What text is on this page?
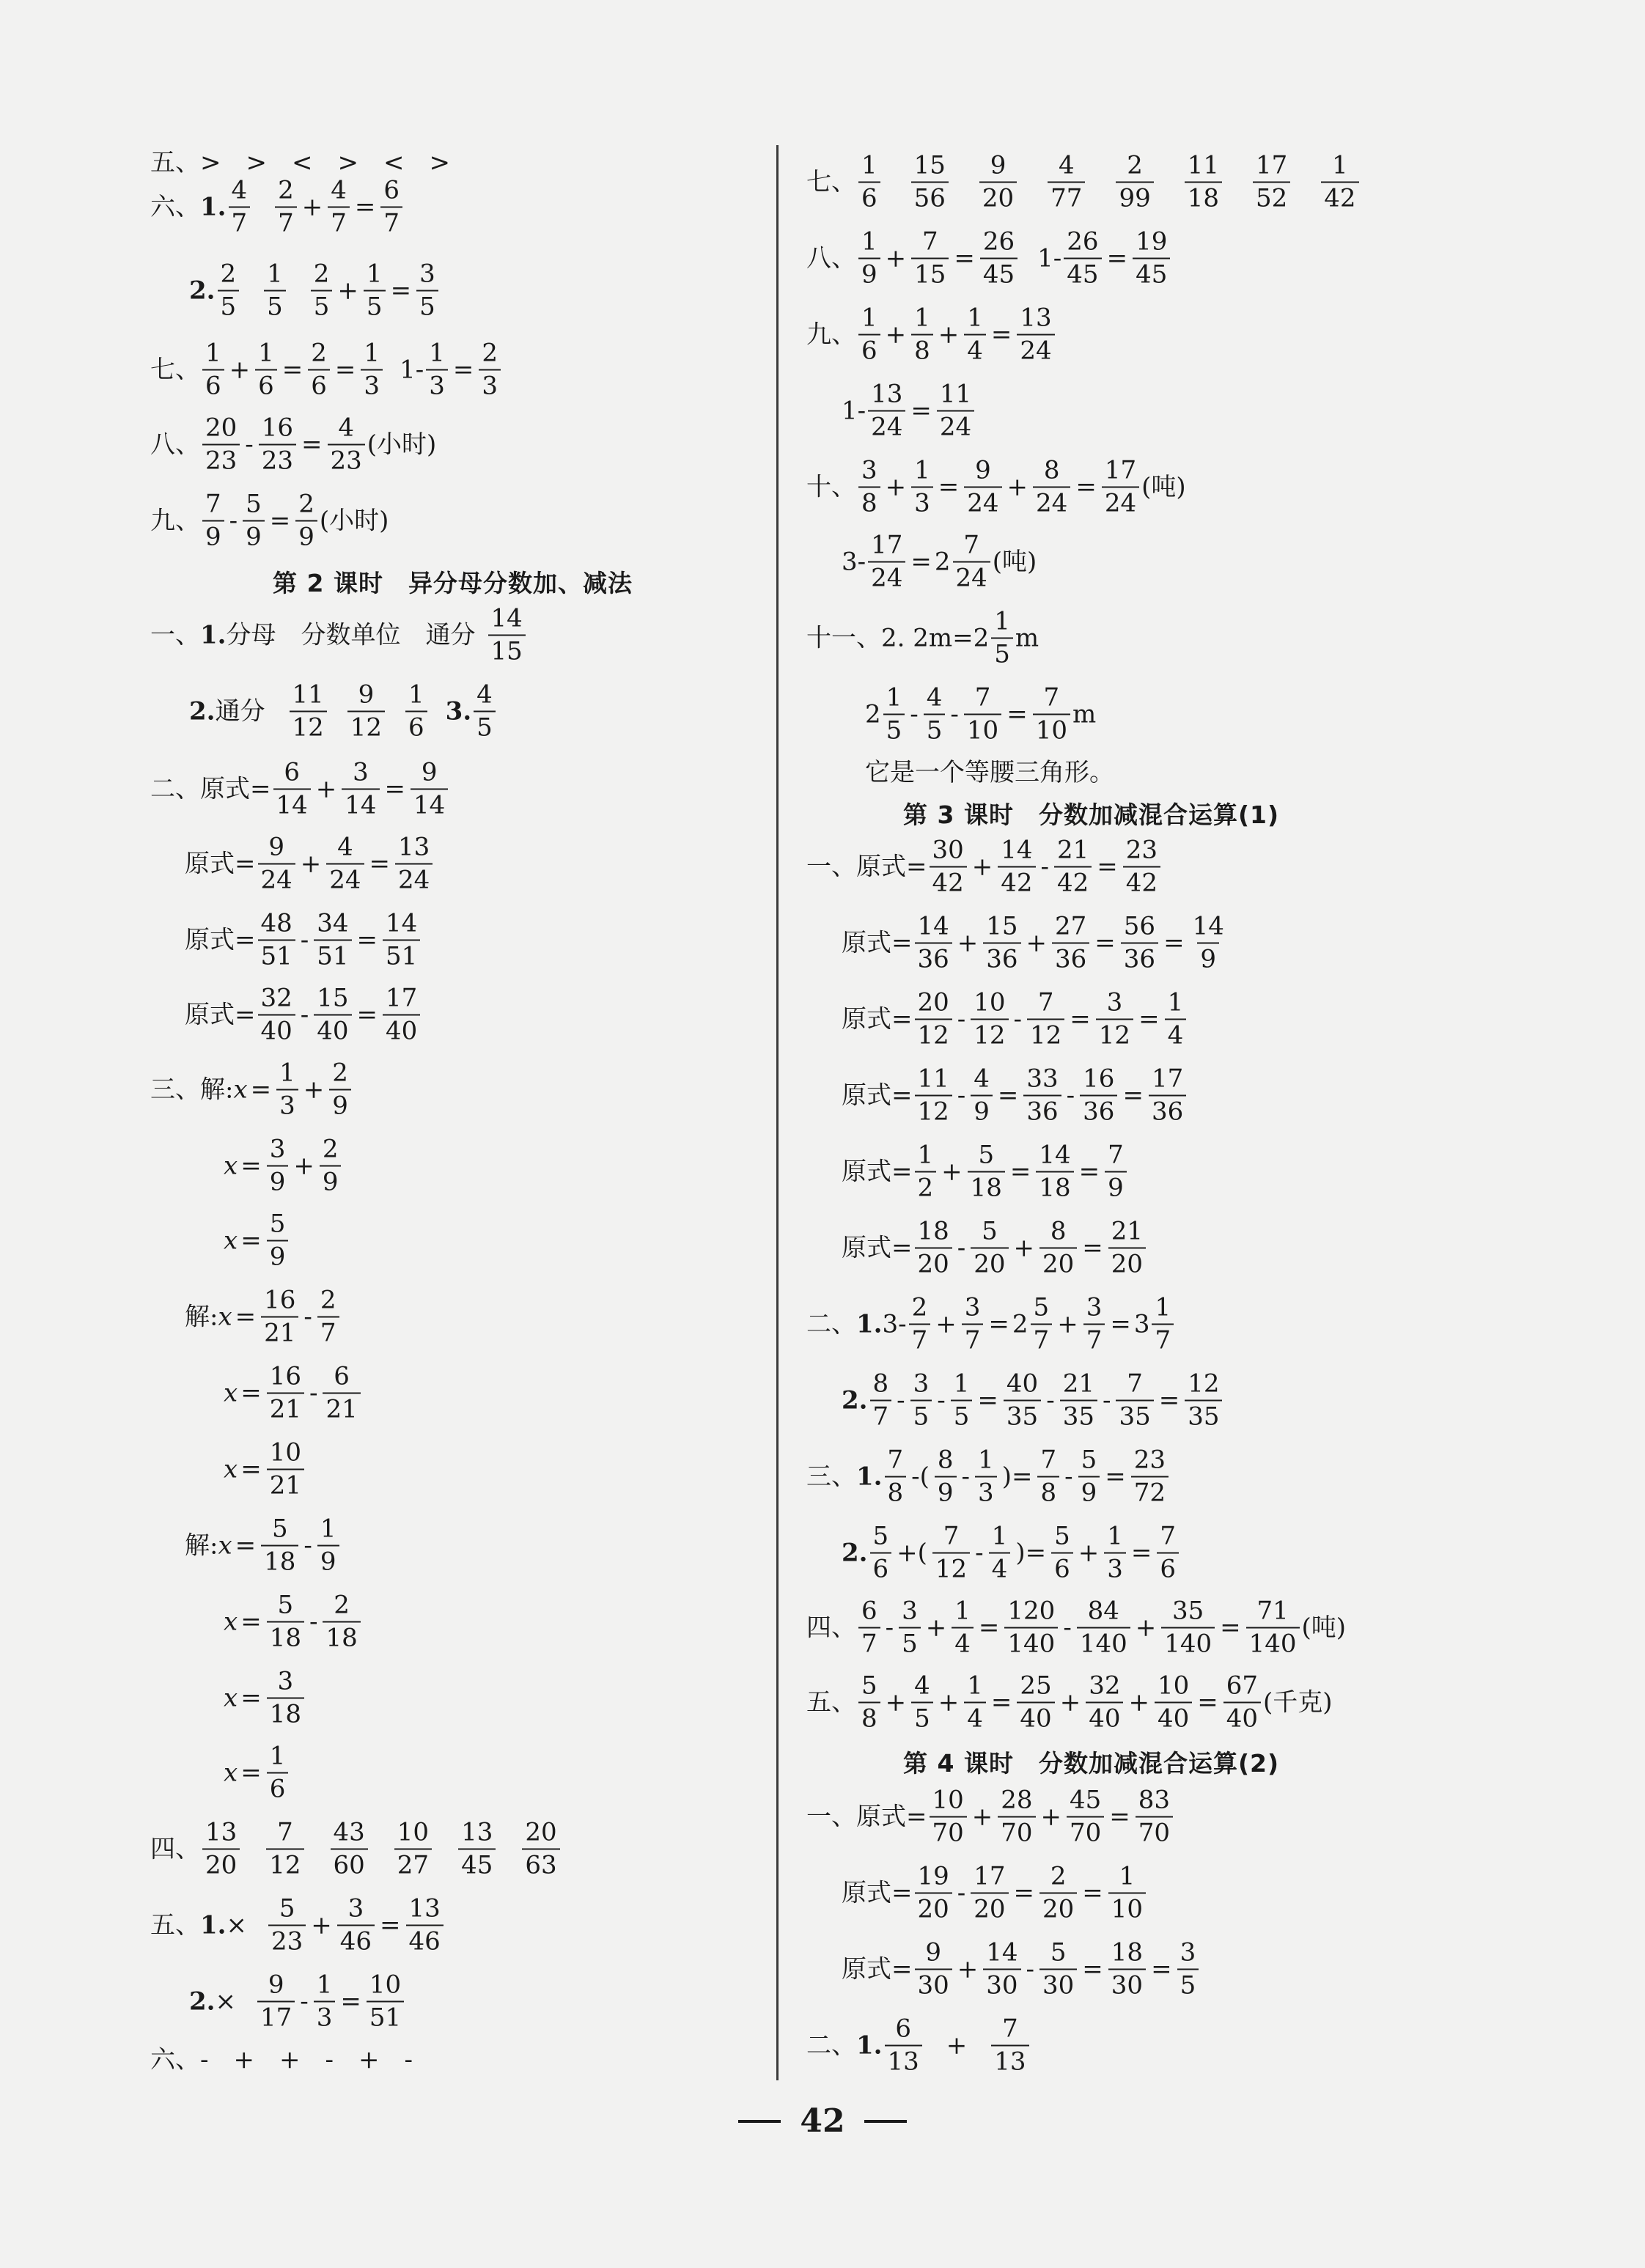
第 2 课时　异分母分数加、减法
第 3 课时　分数加减混合运算(1)
第 4 课时　分数加减混合运算(2)
五、>　>　<　>　<　>
六、 1. $\frac{4}{7} \frac{2}{7} + \frac{4}{7} = \frac{6}{7}$
2. $\frac{2}{5} \frac{1}{5} \frac{2}{5} + \frac{1}{5} = \frac{3}{5}$
七、 $\frac{1}{6} + \frac{1}{6} = \frac{2}{6} = \frac{1}{3} 1- \frac{1}{3} = \frac{2}{3}$
八、 $\frac{20}{23} - \frac{16}{23} = \frac{4}{23}$ (小时)
九、 $\frac{7}{9} - \frac{5}{9} = \frac{2}{9}$ (小时)
一、 1. 分母　分数单位　通分 $\frac{14}{15}$
2. 通分 $\frac{11}{12} \frac{9}{12} \frac{1}{6} 3$. $\frac{4}{5}$
二、原式= $\frac{6}{14} + \frac{3}{14} = \frac{9}{14}$
原式= $\frac{9}{24} + \frac{4}{24} = \frac{13}{24}$
原式= $\frac{48}{51} - \frac{34}{51} = \frac{14}{51}$
原式= $\frac{32}{40} - \frac{15}{40} = \frac{17}{40}$
三、解: $x = \frac{1}{3} + \frac{2}{9}$
$x = \frac{3}{9} + \frac{2}{9}$
$x = \frac{5}{9}$
解: $x = \frac{16}{21} - \frac{2}{7}$
$x = \frac{16}{21} - \frac{6}{21}$
$x = \frac{10}{21}$
解: $x = \frac{5}{18} - \frac{1}{9}$
$x = \frac{5}{18} - \frac{2}{18}$
$x = \frac{3}{18}$
$x = \frac{1}{6}$
四、 $\frac{13}{20} \frac{7}{12} \frac{43}{60} \frac{10}{27} \frac{13}{45} \frac{20}{63}$
五、 1. × $\frac{5}{23} + \frac{3}{46} = \frac{13}{46}$
2. × $\frac{9}{17} - \frac{1}{3} = \frac{10}{51}$
六、-　+　+　-　+　-
七、 $\frac{1}{6} \frac{15}{56} \frac{9}{20} \frac{4}{77} \frac{2}{99} \frac{11}{18} \frac{17}{52} \frac{1}{42}$
八、 $\frac{1}{9} + \frac{7}{15} = \frac{26}{45} 1- \frac{26}{45} = \frac{19}{45}$
九、 $\frac{1}{6} + \frac{1}{8} + \frac{1}{4} = \frac{13}{24}$
$1- \frac{13}{24} = \frac{11}{24}$
十、 $\frac{3}{8} + \frac{1}{3} = \frac{9}{24} + \frac{8}{24} = \frac{17}{24}$ (吨)
$3- \frac{17}{24} = 2 \frac{7}{24}$ (吨)
十一、2. $2m=2 \frac{1}{5}$ m
$2 \frac{1}{5} - \frac{4}{5} - \frac{7}{10} = \frac{7}{10}$ m
它是一个等腰三角形。
一、原式= $\frac{30}{42} + \frac{14}{42} - \frac{21}{42} = \frac{23}{42}$
原式= $\frac{14}{36} + \frac{15}{36} + \frac{27}{36} = \frac{56}{36} = \frac{14}{9}$
原式= $\frac{20}{12} - \frac{10}{12} - \frac{7}{12} = \frac{3}{12} = \frac{1}{4}$
原式= $\frac{11}{12} - \frac{4}{9} = \frac{33}{36} - \frac{16}{36} = \frac{17}{36}$
原式= $\frac{1}{2} + \frac{5}{18} = \frac{14}{18} = \frac{7}{9}$
原式= $\frac{18}{20} - \frac{5}{20} + \frac{8}{20} = \frac{21}{20}$
二、 1. $3- \frac{2}{7} + \frac{3}{7} = 2 \frac{5}{7} + \frac{3}{7} = 3 \frac{1}{7}$
2. $\frac{8}{7} - \frac{3}{5} - \frac{1}{5} = \frac{40}{35} - \frac{21}{35} - \frac{7}{35} = \frac{12}{35}$
三、 1. $\frac{7}{8}$ -( $\frac{8}{9} - \frac{1}{3}$ )= $\frac{7}{8} - \frac{5}{9} = \frac{23}{72}$
2. $\frac{5}{6}$ +( $\frac{7}{12} - \frac{1}{4}$ )= $\frac{5}{6} + \frac{1}{3} = \frac{7}{6}$
四、 $\frac{6}{7} - \frac{3}{5} + \frac{1}{4} = \frac{120}{140} - \frac{84}{140} + \frac{35}{140} = \frac{71}{140}$ (吨)
五、 $\frac{5}{8} + \frac{4}{5} + \frac{1}{4} = \frac{25}{40} + \frac{32}{40} + \frac{10}{40} = \frac{67}{40}$ (千克)
一、原式= $\frac{10}{70} + \frac{28}{70} + \frac{45}{70} = \frac{83}{70}$
原式= $\frac{19}{20} - \frac{17}{20} = \frac{2}{20} = \frac{1}{10}$
原式= $\frac{9}{30} + \frac{14}{30} - \frac{5}{30} = \frac{18}{30} = \frac{3}{5}$
二、 1. $\frac{6}{13} + \frac{7}{13}$
42
